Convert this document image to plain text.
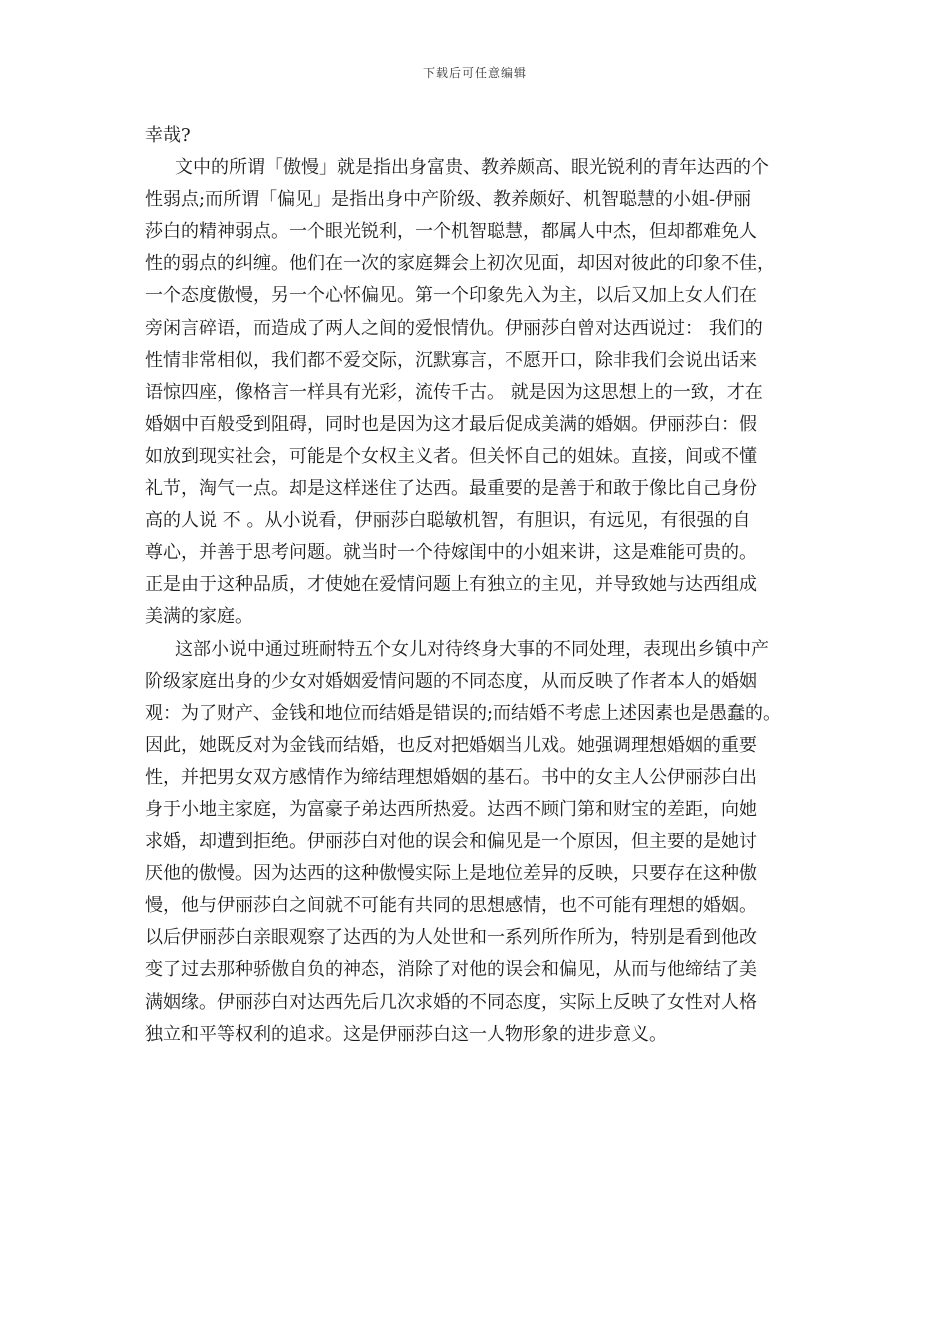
下载后可任意编辑
幸哉?
文中的所谓「傲慢」就是指出身富贵、教养颇高、眼光锐利的青年达西的个
性弱点;而所谓「偏见」是指出身中产阶级、教养颇好、机智聪慧的小姐-伊丽
莎白的精神弱点。一个眼光锐利，一个机智聪慧，都属人中杰，但却都难免人
性的弱点的纠缠。他们在一次的家庭舞会上初次见面，却因对彼此的印象不佳，
一个态度傲慢，另一个心怀偏见。第一个印象先入为主，以后又加上女人们在
旁闲言碎语，而造成了两人之间的爱恨情仇。伊丽莎白曾对达西说过： 我们的
性情非常相似，我们都不爱交际，沉默寡言，不愿开口，除非我们会说出话来
语惊四座，像格言一样具有光彩，流传千古。 就是因为这思想上的一致，才在
婚姻中百般受到阻碍，同时也是因为这才最后促成美满的婚姻。伊丽莎白：假
如放到现实社会，可能是个女权主义者。但关怀自己的姐妹。直接，间或不懂
礼节，淘气一点。却是这样迷住了达西。最重要的是善于和敢于像比自己身份
高的人说 不 。从小说看，伊丽莎白聪敏机智，有胆识，有远见，有很强的自
尊心，并善于思考问题。就当时一个待嫁闺中的小姐来讲，这是难能可贵的。
正是由于这种品质，才使她在爱情问题上有独立的主见，并导致她与达西组成
美满的家庭。
这部小说中通过班耐特五个女儿对待终身大事的不同处理，表现出乡镇中产
阶级家庭出身的少女对婚姻爱情问题的不同态度，从而反映了作者本人的婚姻
观：为了财产、金钱和地位而结婚是错误的;而结婚不考虑上述因素也是愚蠢的。
因此，她既反对为金钱而结婚，也反对把婚姻当儿戏。她强调理想婚姻的重要
性，并把男女双方感情作为缔结理想婚姻的基石。书中的女主人公伊丽莎白出
身于小地主家庭，为富豪子弟达西所热爱。达西不顾门第和财宝的差距，向她
求婚，却遭到拒绝。伊丽莎白对他的误会和偏见是一个原因，但主要的是她讨
厌他的傲慢。因为达西的这种傲慢实际上是地位差异的反映，只要存在这种傲
慢，他与伊丽莎白之间就不可能有共同的思想感情，也不可能有理想的婚姻。
以后伊丽莎白亲眼观察了达西的为人处世和一系列所作所为，特别是看到他改
变了过去那种骄傲自负的神态，消除了对他的误会和偏见，从而与他缔结了美
满姻缘。伊丽莎白对达西先后几次求婚的不同态度，实际上反映了女性对人格
独立和平等权利的追求。这是伊丽莎白这一人物形象的进步意义。
